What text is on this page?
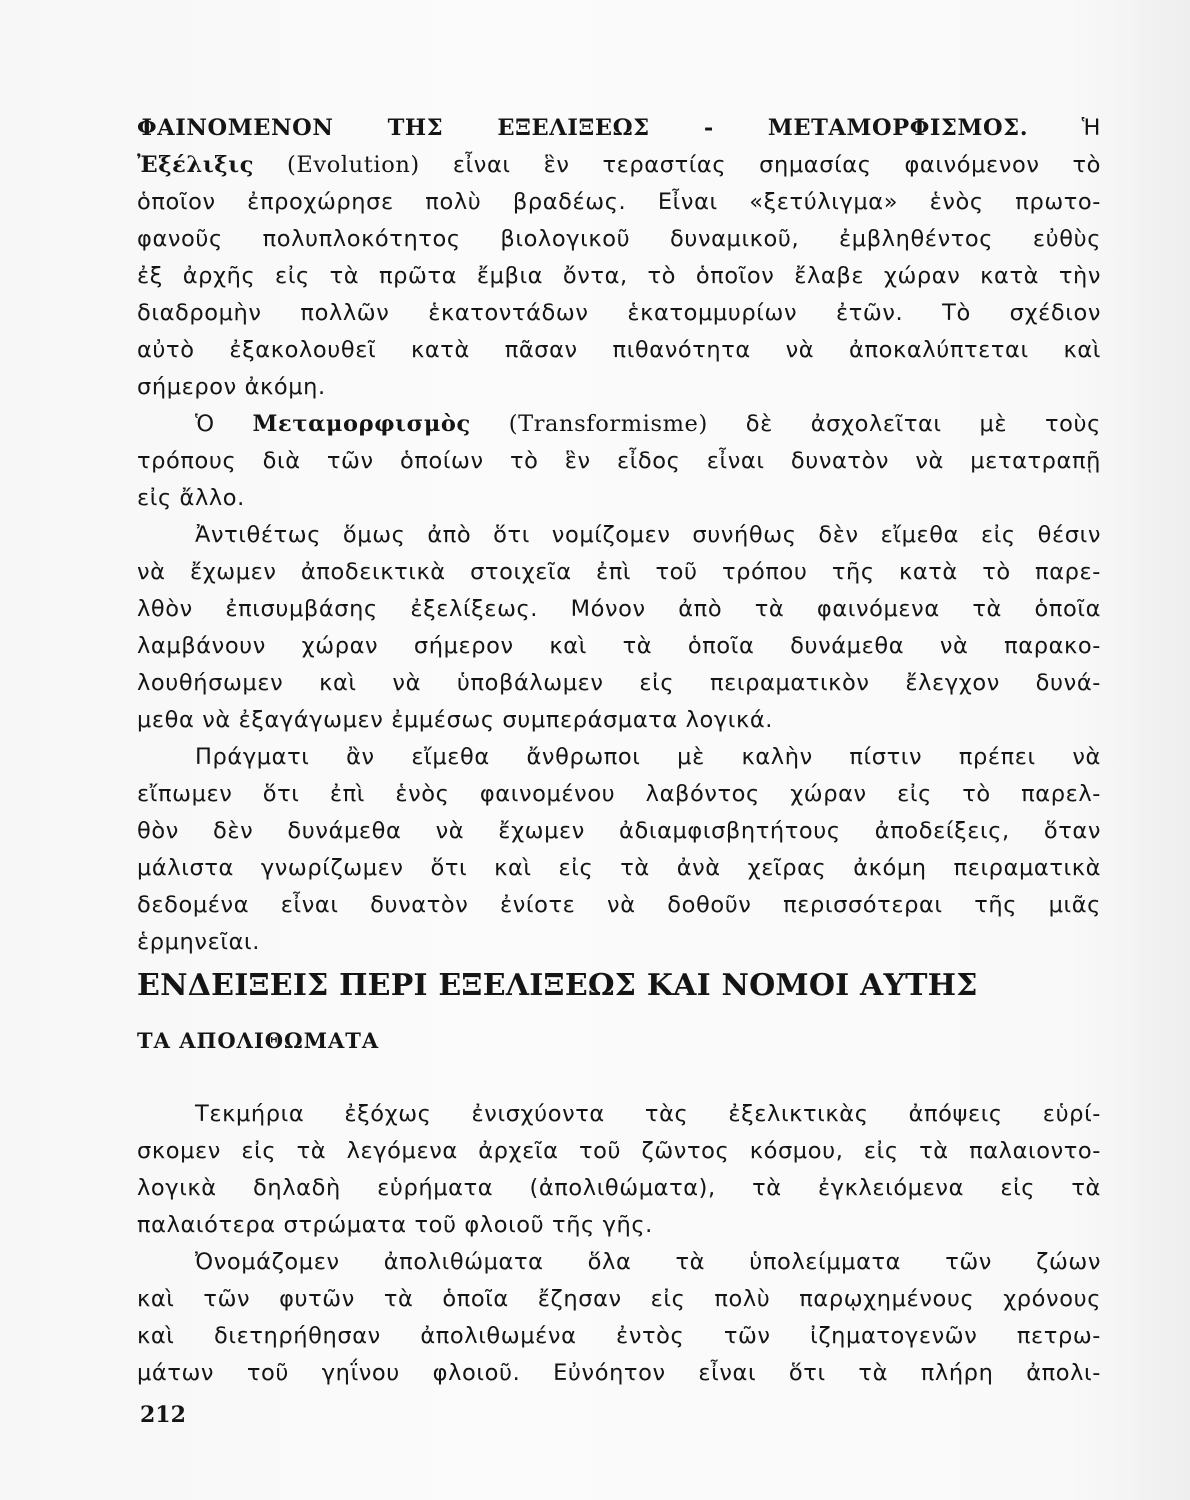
ΦΑΙΝΟΜΕΝΟΝ ΤΗΣ ΕΞΕΛΙΞΕΩΣ - ΜΕΤΑΜΟΡΦΙΣΜΟΣ. Ἡ
Ἐξέλιξις (Evolution) εἶναι ἓν τεραστίας σημασίας φαινόμενον τὸ
ὁποῖον ἐπροχώρησε πολὺ βραδέως. Εἶναι «ξετύλιγμα» ἑνὸς πρωτο-
φανοῦς πολυπλοκότητος βιολογικοῦ δυναμικοῦ, ἐμβληθέντος εὐθὺς
ἐξ ἀρχῆς εἰς τὰ πρῶτα ἔμβια ὄντα, τὸ ὁποῖον ἔλαβε χώραν κατὰ τὴν
διαδρομὴν πολλῶν ἑκατοντάδων ἑκατομμυρίων ἐτῶν. Τὸ σχέδιον
αὐτὸ ἐξακολουθεῖ κατὰ πᾶσαν πιθανότητα νὰ ἀποκαλύπτεται καὶ
σήμερον ἀκόμη.
Ὁ Μεταμορφισμὸς (Transformisme) δὲ ἀσχολεῖται μὲ τοὺς
τρόπους διὰ τῶν ὁποίων τὸ ἓν εἶδος εἶναι δυνατὸν νὰ μετατραπῇ
εἰς ἄλλο.
Ἀντιθέτως ὅμως ἀπὸ ὅτι νομίζομεν συνήθως δὲν εἴμεθα εἰς θέσιν
νὰ ἔχωμεν ἀποδεικτικὰ στοιχεῖα ἐπὶ τοῦ τρόπου τῆς κατὰ τὸ παρε-
λθὸν ἐπισυμβάσης ἐξελίξεως. Μόνον ἀπὸ τὰ φαινόμενα τὰ ὁποῖα
λαμβάνουν χώραν σήμερον καὶ τὰ ὁποῖα δυνάμεθα νὰ παρακο-
λουθήσωμεν καὶ νὰ ὑποβάλωμεν εἰς πειραματικὸν ἔλεγχον δυνά-
μεθα νὰ ἐξαγάγωμεν ἐμμέσως συμπεράσματα λογικά.
Πράγματι ἂν εἴμεθα ἄνθρωποι μὲ καλὴν πίστιν πρέπει νὰ
εἴπωμεν ὅτι ἐπὶ ἑνὸς φαινομένου λαβόντος χώραν εἰς τὸ παρελ-
θὸν δὲν δυνάμεθα νὰ ἔχωμεν ἀδιαμφισβητήτους ἀποδείξεις, ὅταν
μάλιστα γνωρίζωμεν ὅτι καὶ εἰς τὰ ἀνὰ χεῖρας ἀκόμη πειραματικὰ
δεδομένα εἶναι δυνατὸν ἐνίοτε νὰ δοθοῦν περισσότεραι τῆς μιᾶς
ἑρμηνεῖαι.
ΕΝΔΕΙΞΕΙΣ ΠΕΡΙ ΕΞΕΛΙΞΕΩΣ ΚΑΙ ΝΟΜΟΙ ΑΥΤΗΣ
ΤΑ ΑΠΟΛΙΘΩΜΑΤΑ
Τεκμήρια ἐξόχως ἐνισχύοντα τὰς ἐξελικτικὰς ἀπόψεις εὑρί-
σκομεν εἰς τὰ λεγόμενα ἀρχεῖα τοῦ ζῶντος κόσμου, εἰς τὰ παλαιοντο-
λογικὰ δηλαδὴ εὑρήματα (ἀπολιθώματα), τὰ ἐγκλειόμενα εἰς τὰ
παλαιότερα στρώματα τοῦ φλοιοῦ τῆς γῆς.
Ὀνομάζομεν ἀπολιθώματα ὅλα τὰ ὑπολείμματα τῶν ζώων
καὶ τῶν φυτῶν τὰ ὁποῖα ἔζησαν εἰς πολὺ παρῳχημένους χρόνους
καὶ διετηρήθησαν ἀπολιθωμένα ἐντὸς τῶν ἰζηματογενῶν πετρω-
μάτων τοῦ γηΐνου φλοιοῦ. Εὐνόητον εἶναι ὅτι τὰ πλήρη ἀπολι-
212
